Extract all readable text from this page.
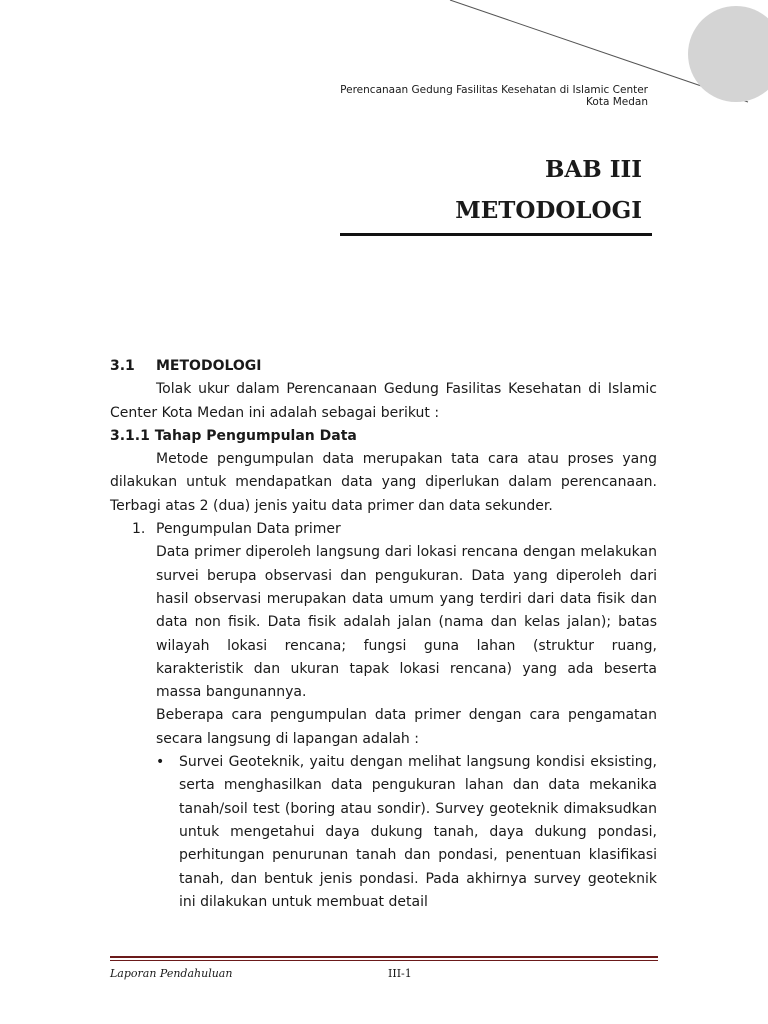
Perencanaan Gedung Fasilitas Kesehatan di Islamic Center
Kota Medan
BAB III
METODOLOGI
3.1	METODOLOGI

Tolak ukur dalam Perencanaan Gedung Fasilitas Kesehatan di Islamic Center Kota Medan ini adalah sebagai berikut :

3.1.1
Tahap Pengumpulan Data

Metode pengumpulan data merupakan tata cara atau proses yang dilakukan untuk mendapatkan data yang diperlukan dalam perencanaan. Terbagi atas 2 (dua) jenis yaitu data primer dan data sekunder.

1. Pengumpulan Data primer

Data primer diperoleh langsung dari lokasi rencana dengan melakukan survei berupa observasi dan pengukuran. Data yang diperoleh dari hasil observasi merupakan data umum yang terdiri dari data fisik dan data non fisik. Data fisik adalah jalan (nama dan kelas jalan); batas wilayah lokasi rencana; fungsi guna lahan (struktur ruang, karakteristik dan ukuran tapak lokasi rencana) yang ada beserta massa bangunannya.

Beberapa cara pengumpulan data primer dengan cara pengamatan secara langsung di lapangan adalah :

•	Survei Geoteknik, yaitu dengan melihat langsung kondisi eksisting, serta menghasilkan data pengukuran lahan dan data mekanika tanah/soil test (boring atau sondir). Survey geoteknik dimaksudkan untuk mengetahui daya dukung tanah, daya dukung pondasi, perhitungan penurunan tanah dan pondasi, penentuan klasifikasi tanah, dan bentuk jenis pondasi. Pada akhirnya survey geoteknik ini dilakukan untuk membuat detail
Laporan Pendahuluan	III-1
